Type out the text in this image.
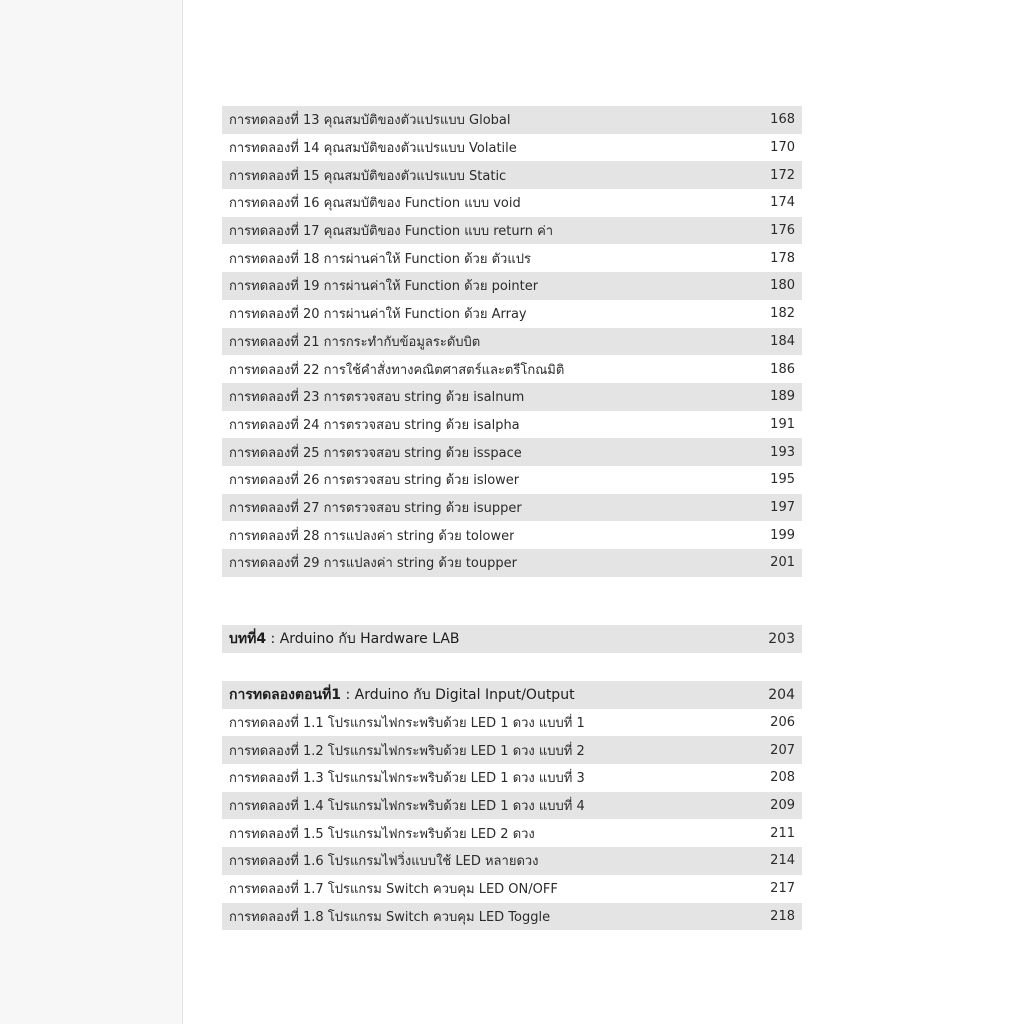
การทดลองที่ 13 คุณสมบัติของตัวแปรแบบ Global	168
การทดลองที่ 14 คุณสมบัติของตัวแปรแบบ Volatile	170
การทดลองที่ 15 คุณสมบัติของตัวแปรแบบ Static	172
การทดลองที่ 16 คุณสมบัติของ Function แบบ void	174
การทดลองที่ 17 คุณสมบัติของ Function แบบ return ค่า	176
การทดลองที่ 18 การผ่านค่าให้ Function ด้วย ตัวแปร	178
การทดลองที่ 19 การผ่านค่าให้ Function ด้วย pointer	180
การทดลองที่ 20 การผ่านค่าให้ Function ด้วย Array	182
การทดลองที่ 21 การกระทำกับข้อมูลระดับบิต	184
การทดลองที่ 22 การใช้คำสั่งทางคณิตศาสตร์และตรีโกณมิติ	186
การทดลองที่ 23 การตรวจสอบ string ด้วย isalnum	189
การทดลองที่ 24 การตรวจสอบ string ด้วย isalpha	191
การทดลองที่ 25 การตรวจสอบ string ด้วย isspace	193
การทดลองที่ 26 การตรวจสอบ string ด้วย islower	195
การทดลองที่ 27 การตรวจสอบ string ด้วย isupper	197
การทดลองที่ 28 การแปลงค่า string ด้วย tolower	199
การทดลองที่ 29 การแปลงค่า string ด้วย toupper	201
บทที่4 : Arduino กับ Hardware LAB	203
การทดลองตอนที่1 : Arduino กับ Digital Input/Output	204
การทดลองที่ 1.1 โปรแกรมไฟกระพริบด้วย LED 1 ดวง แบบที่ 1	206
การทดลองที่ 1.2 โปรแกรมไฟกระพริบด้วย LED 1 ดวง แบบที่ 2	207
การทดลองที่ 1.3 โปรแกรมไฟกระพริบด้วย LED 1 ดวง แบบที่ 3	208
การทดลองที่ 1.4 โปรแกรมไฟกระพริบด้วย LED 1 ดวง แบบที่ 4	209
การทดลองที่ 1.5 โปรแกรมไฟกระพริบด้วย LED 2 ดวง	211
การทดลองที่ 1.6 โปรแกรมไฟวิ่งแบบใช้ LED หลายดวง	214
การทดลองที่ 1.7 โปรแกรม Switch ควบคุม LED ON/OFF	217
การทดลองที่ 1.8 โปรแกรม Switch ควบคุม LED Toggle	218
